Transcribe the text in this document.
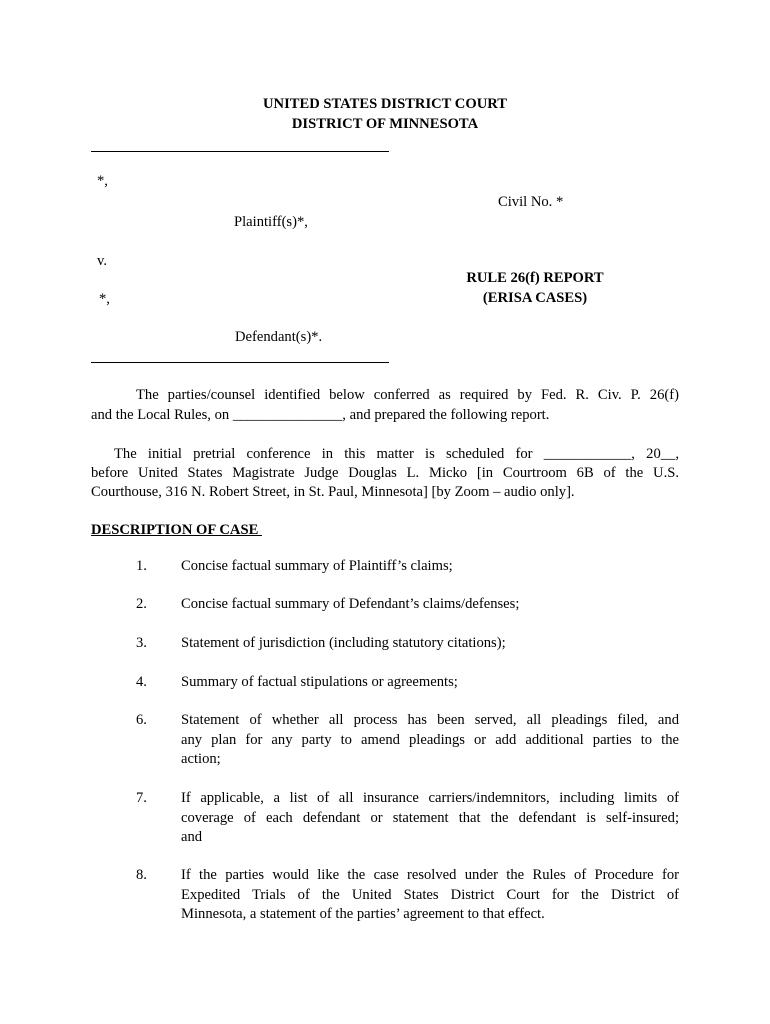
UNITED STATES DISTRICT COURT
DISTRICT OF MINNESOTA
*,
Plaintiff(s)*,
v.
*,
Defendant(s)*.
Civil No. *
RULE 26(f) REPORT
(ERISA CASES)
The parties/counsel identified below conferred as required by Fed. R. Civ. P. 26(f)
and the Local Rules, on _______________, and prepared the following report.
The initial pretrial conference in this matter is scheduled for ____________, 20__,
before United States Magistrate Judge Douglas L. Micko [in Courtroom 6B of the U.S.
Courthouse, 316 N. Robert Street, in St. Paul, Minnesota] [by Zoom – audio only].
DESCRIPTION OF CASE
1. Concise factual summary of Plaintiff’s claims;
2. Concise factual summary of Defendant’s claims/defenses;
3. Statement of jurisdiction (including statutory citations);
4. Summary of factual stipulations or agreements;
6. Statement of whether all process has been served, all pleadings filed, and
any plan for any party to amend pleadings or add additional parties to the
action;
7. If applicable, a list of all insurance carriers/indemnitors, including limits of
coverage of each defendant or statement that the defendant is self-insured;
and
8. If the parties would like the case resolved under the Rules of Procedure for
Expedited Trials of the United States District Court for the District of
Minnesota, a statement of the parties’ agreement to that effect.
